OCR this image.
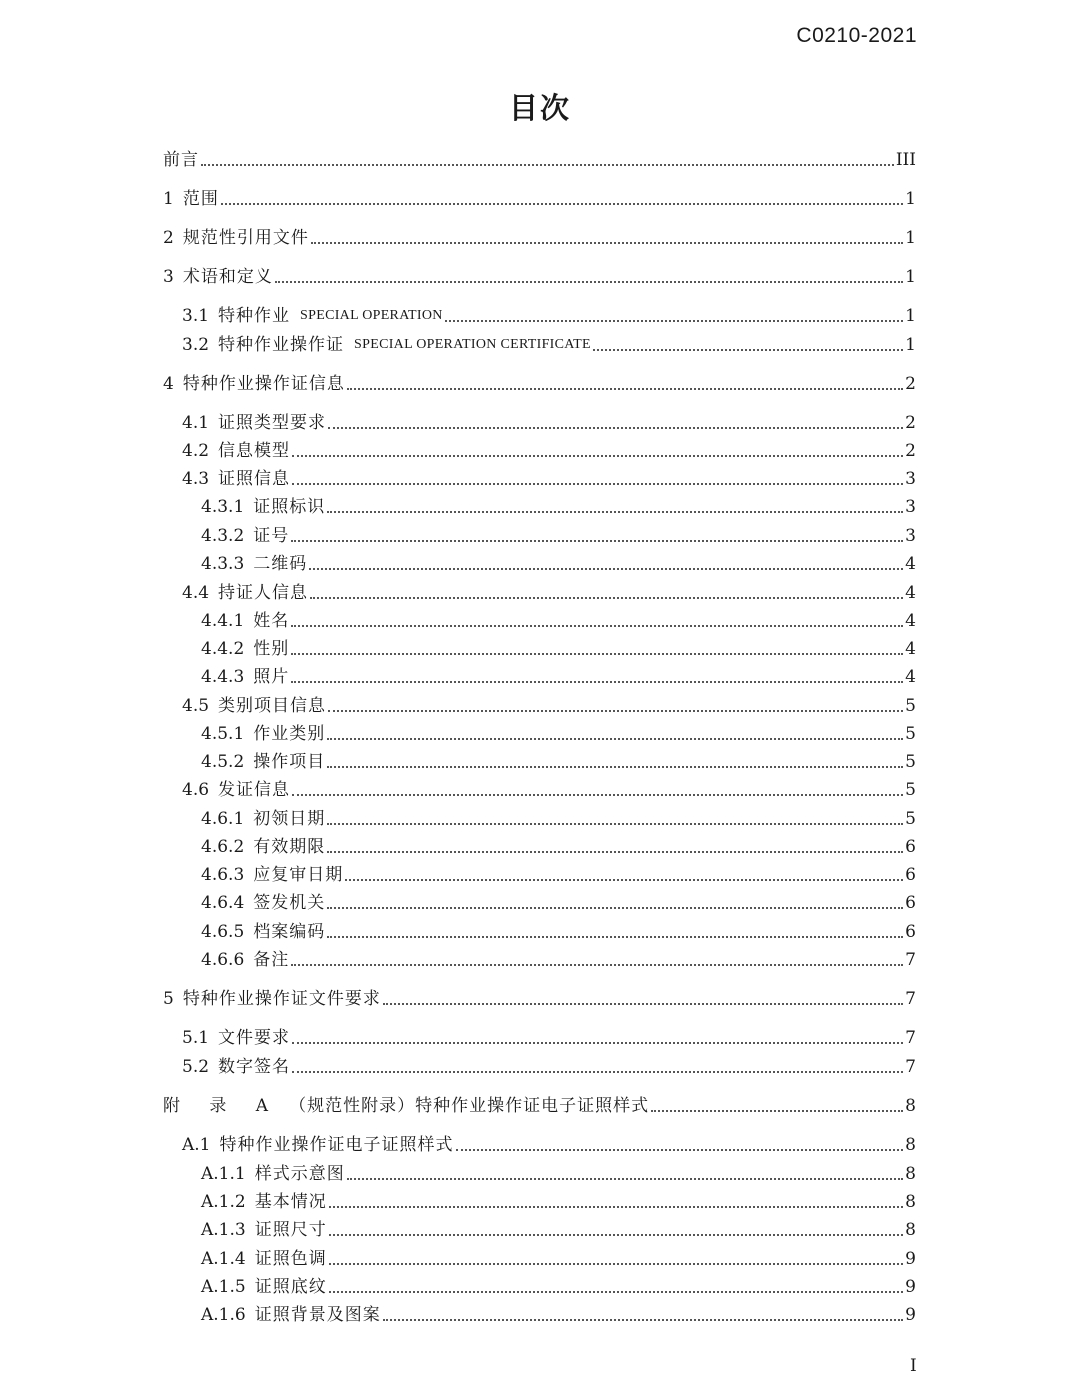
C0210-2021
目次
前言	III
1 范围	1
2 规范性引用文件	1
3 术语和定义	1
3.1 特种作业 SPECIAL OPERATION	1
3.2 特种作业操作证 SPECIAL OPERATION CERTIFICATE	1
4 特种作业操作证信息	2
4.1 证照类型要求	2
4.2 信息模型	2
4.3 证照信息	3
4.3.1 证照标识	3
4.3.2 证号	3
4.3.3 二维码	4
4.4 持证人信息	4
4.4.1 姓名	4
4.4.2 性别	4
4.4.3 照片	4
4.5 类别项目信息	5
4.5.1 作业类别	5
4.5.2 操作项目	5
4.6 发证信息	5
4.6.1 初领日期	5
4.6.2 有效期限	6
4.6.3 应复审日期	6
4.6.4 签发机关	6
4.6.5 档案编码	6
4.6.6 备注	7
5 特种作业操作证文件要求	7
5.1 文件要求	7
5.2 数字签名	7
附 录 A （规范性附录）特种作业操作证电子证照样式	8
A.1 特种作业操作证电子证照样式	8
A.1.1 样式示意图	8
A.1.2 基本情况	8
A.1.3 证照尺寸	8
A.1.4 证照色调	9
A.1.5 证照底纹	9
A.1.6 证照背景及图案	9
I
